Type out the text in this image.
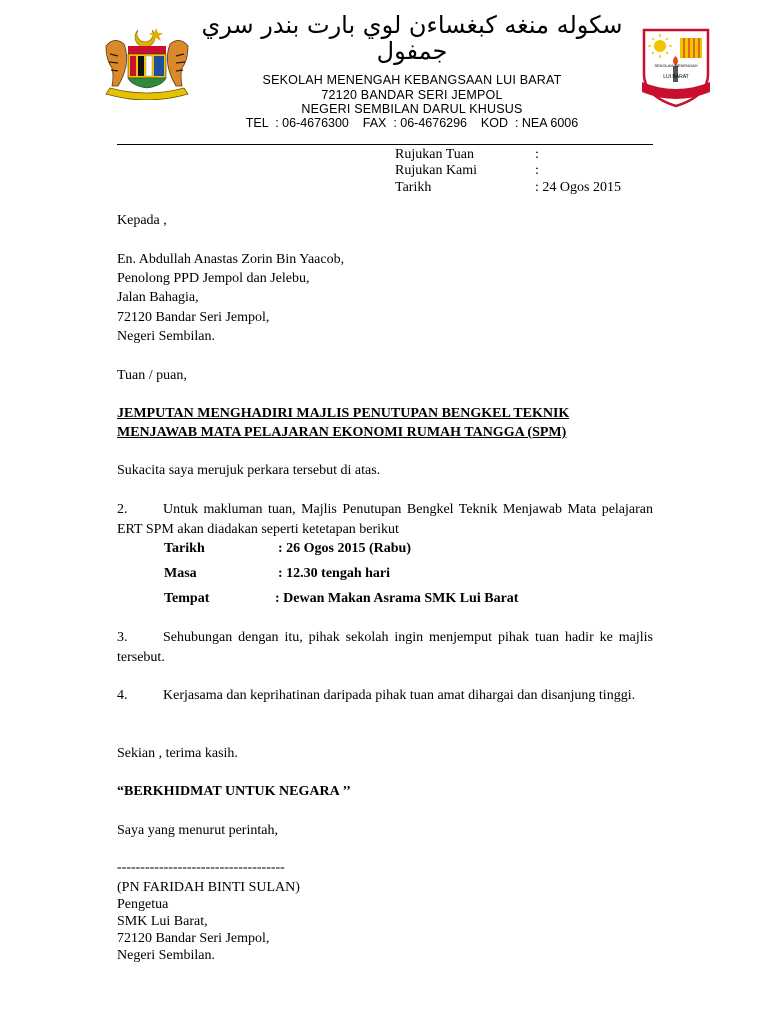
سکوله منغه کبغساءن لوي بارت بندر سري جمفول
SEKOLAH MENENGAH KEBANGSAAN LUI BARAT
72120 BANDAR SERI JEMPOL
NEGERI SEMBILAN DARUL KHUSUS
TEL  : 06-4676300    FAX  : 06-4676296    KOD  : NEA 6006
SEKOLAH MENENGAH
LUI BARAT
Rujukan Tuan	:
Rujukan Kami	:
Tarikh	: 24 Ogos 2015
Kepada ,
En. Abdullah Anastas Zorin Bin Yaacob,
Penolong PPD Jempol dan Jelebu,
Jalan Bahagia,
72120 Bandar Seri Jempol,
Negeri Sembilan.
Tuan / puan,
JEMPUTAN MENGHADIRI MAJLIS PENUTUPAN BENGKEL TEKNIK
MENJAWAB MATA PELAJARAN EKONOMI RUMAH TANGGA (SPM)
Sukacita saya merujuk perkara tersebut di atas.
2.	Untuk makluman tuan, Majlis Penutupan Bengkel Teknik Menjawab Mata pelajaran ERT SPM akan diadakan seperti ketetapan berikut
Tarikh	: 26 Ogos 2015 (Rabu)
Masa	: 12.30 tengah hari
Tempat	: Dewan Makan Asrama SMK Lui Barat
3.	Sehubungan dengan itu, pihak sekolah ingin menjemput pihak tuan hadir ke majlis tersebut.
4.	Kerjasama dan keprihatinan daripada pihak tuan amat dihargai dan disanjung tinggi.
Sekian , terima kasih.
“BERKHIDMAT UNTUK NEGARA ’’
Saya yang menurut perintah,
------------------------------------
(PN FARIDAH BINTI SULAN)
Pengetua
SMK Lui Barat,
72120 Bandar Seri Jempol,
Negeri Sembilan.
